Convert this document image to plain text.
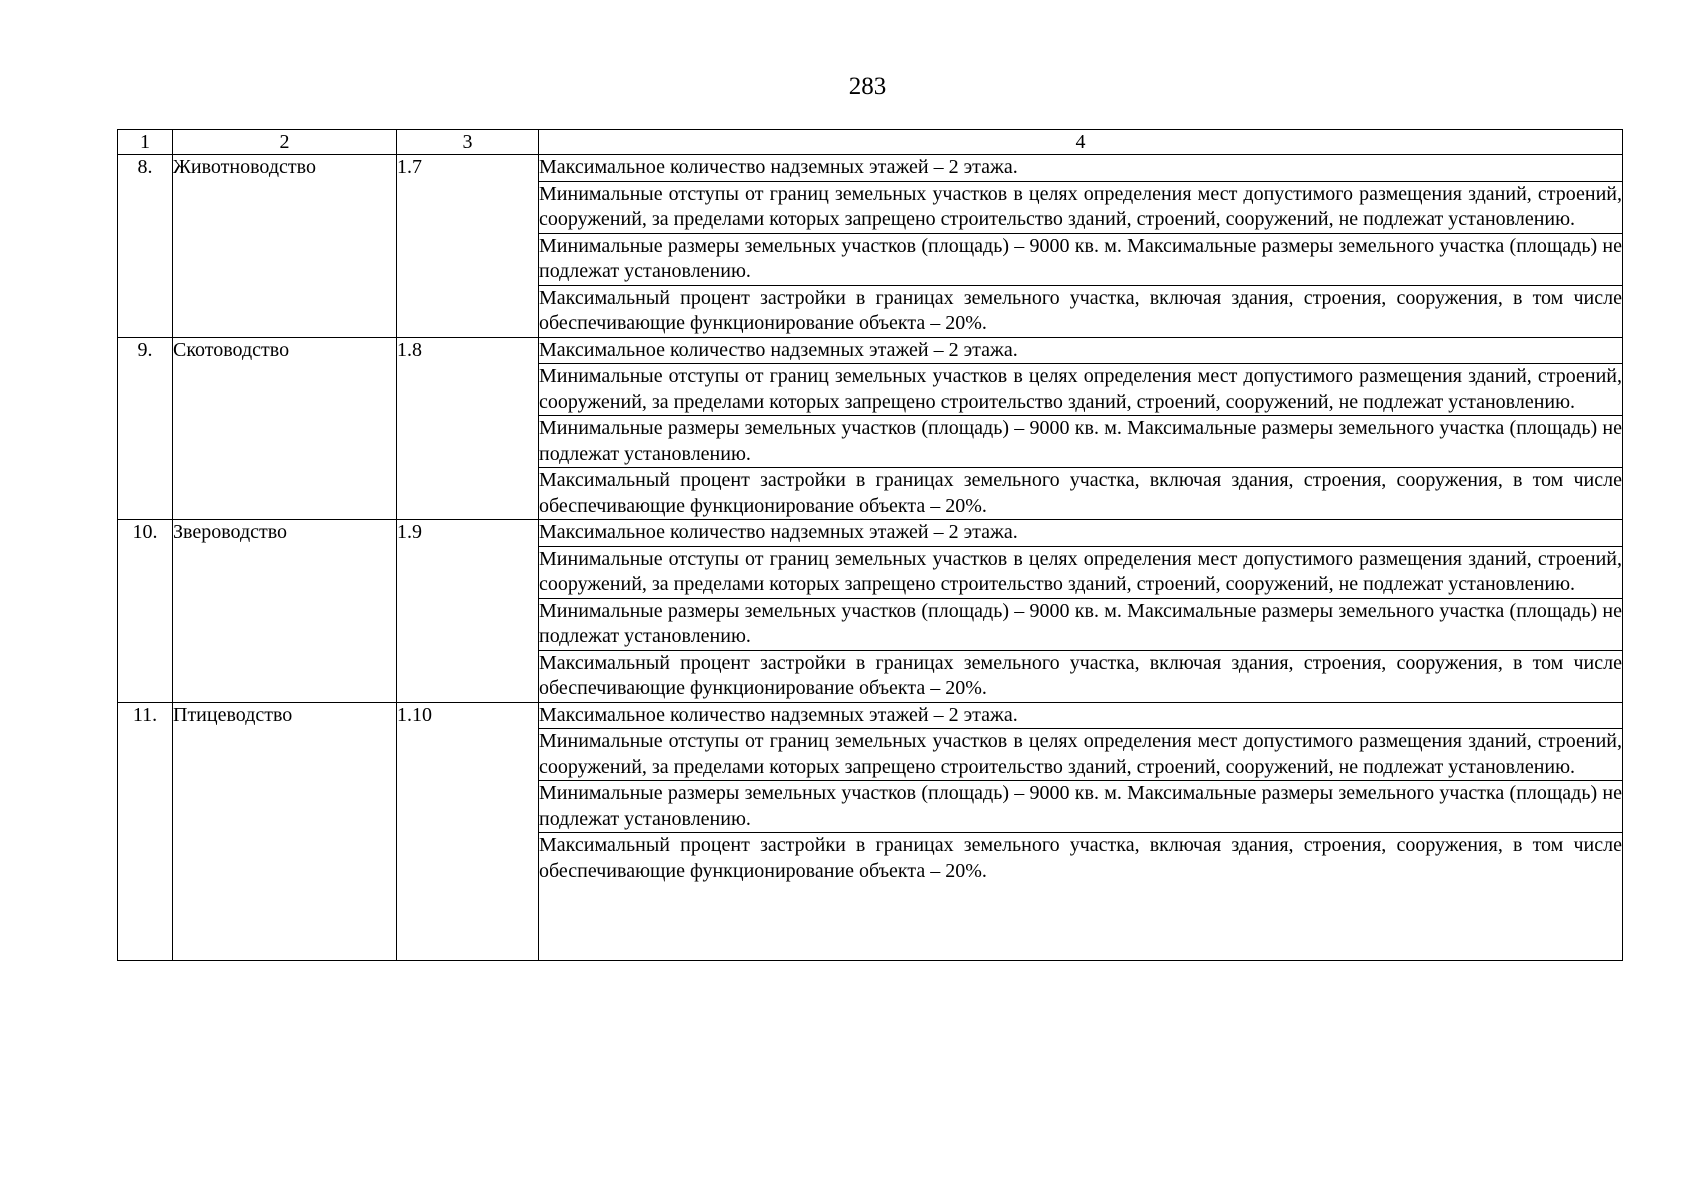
283
1	2	3	4
8.	Животноводство	1.7	Максимальное количество надземных этажей – 2 этажа.
			Минимальные отступы от границ земельных участков в целях определения мест допустимого размещения зданий, строений, сооружений, за пределами которых запрещено строительство зданий, строений, сооружений, не подлежат установлению.
			Минимальные размеры земельных участков (площадь) – 9000 кв. м. Максимальные размеры земельного участка (площадь) не подлежат установлению.
			Максимальный процент застройки в границах земельного участка, включая здания, строения, сооружения, в том числе обеспечивающие функционирование объекта – 20%.
9.	Скотоводство	1.8	Максимальное количество надземных этажей – 2 этажа.
			Минимальные отступы от границ земельных участков в целях определения мест допустимого размещения зданий, строений, сооружений, за пределами которых запрещено строительство зданий, строений, сооружений, не подлежат установлению.
			Минимальные размеры земельных участков (площадь) – 9000 кв. м. Максимальные размеры земельного участка (площадь) не подлежат установлению.
			Максимальный процент застройки в границах земельного участка, включая здания, строения, сооружения, в том числе обеспечивающие функционирование объекта – 20%.
10.	Звероводство	1.9	Максимальное количество надземных этажей – 2 этажа.
			Минимальные отступы от границ земельных участков в целях определения мест допустимого размещения зданий, строений, сооружений, за пределами которых запрещено строительство зданий, строений, сооружений, не подлежат установлению.
			Минимальные размеры земельных участков (площадь) – 9000 кв. м. Максимальные размеры земельного участка (площадь) не подлежат установлению.
			Максимальный процент застройки в границах земельного участка, включая здания, строения, сооружения, в том числе обеспечивающие функционирование объекта – 20%.
11.	Птицеводство	1.10	Максимальное количество надземных этажей – 2 этажа.
			Минимальные отступы от границ земельных участков в целях определения мест допустимого размещения зданий, строений, сооружений, за пределами которых запрещено строительство зданий, строений, сооружений, не подлежат установлению.
			Минимальные размеры земельных участков (площадь) – 9000 кв. м. Максимальные размеры земельного участка (площадь) не подлежат установлению.
			Максимальный процент застройки в границах земельного участка, включая здания, строения, сооружения, в том числе обеспечивающие функционирование объекта – 20%.
